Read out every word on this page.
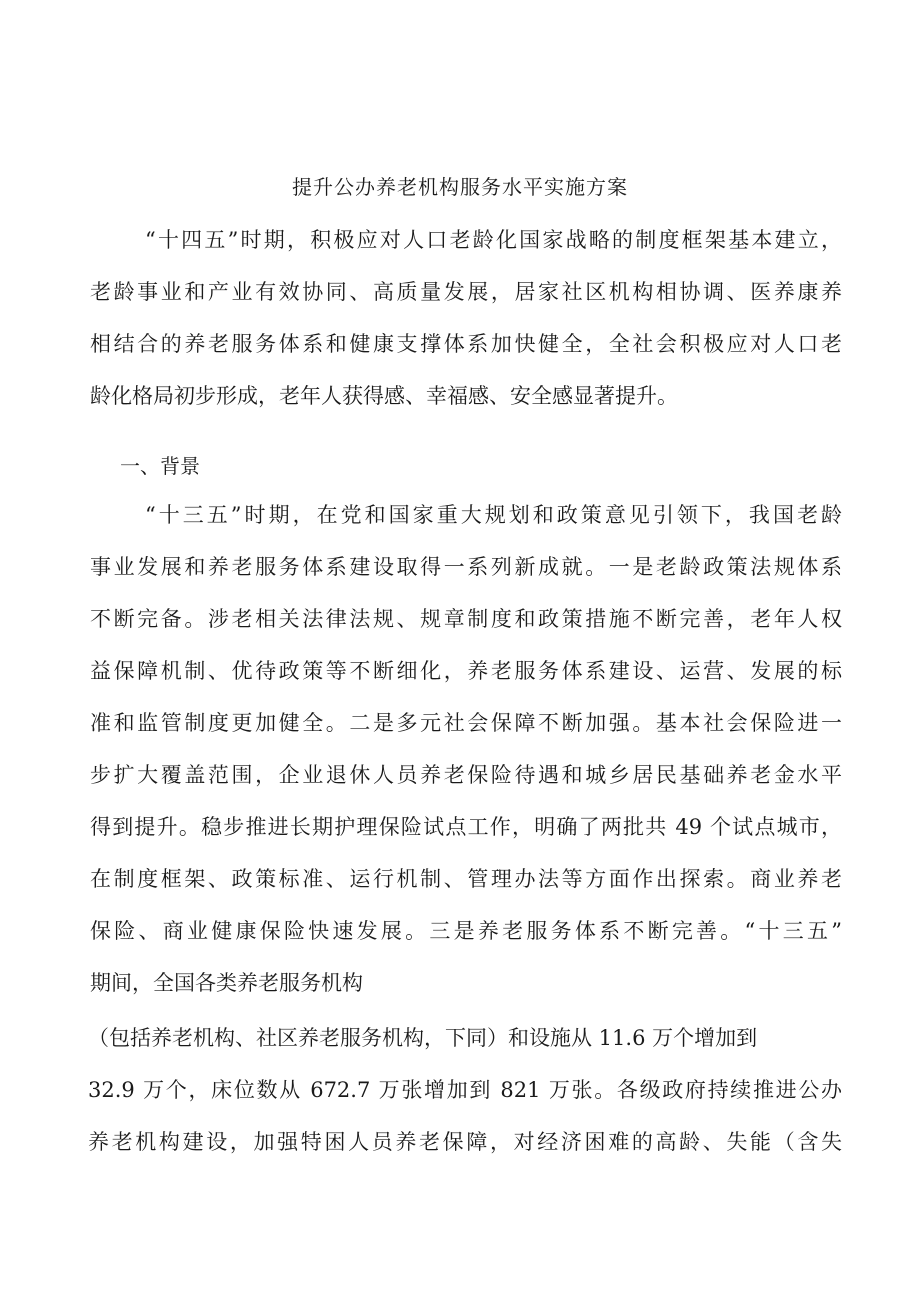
提升公办养老机构服务水平实施方案
“十四五”时期，积极应对人口老龄化国家战略的制度框架基本建立，
老龄事业和产业有效协同、高质量发展，居家社区机构相协调、医养康养
相结合的养老服务体系和健康支撑体系加快健全，全社会积极应对人口老
龄化格局初步形成，老年人获得感、幸福感、安全感显著提升。
一、背景
“十三五”时期，在党和国家重大规划和政策意见引领下，我国老龄
事业发展和养老服务体系建设取得一系列新成就。一是老龄政策法规体系
不断完备。涉老相关法律法规、规章制度和政策措施不断完善，老年人权
益保障机制、优待政策等不断细化，养老服务体系建设、运营、发展的标
准和监管制度更加健全。二是多元社会保障不断加强。基本社会保险进一
步扩大覆盖范围，企业退休人员养老保险待遇和城乡居民基础养老金水平
得到提升。稳步推进长期护理保险试点工作，明确了两批共 49 个试点城市，
在制度框架、政策标准、运行机制、管理办法等方面作出探索。商业养老
保险、商业健康保险快速发展。三是养老服务体系不断完善。“十三五”
期间，全国各类养老服务机构
（包括养老机构、社区养老服务机构，下同）和设施从 11.6 万个增加到
32.9 万个，床位数从 672.7 万张增加到 821 万张。各级政府持续推进公办
养老机构建设，加强特困人员养老保障，对经济困难的高龄、失能（含失
